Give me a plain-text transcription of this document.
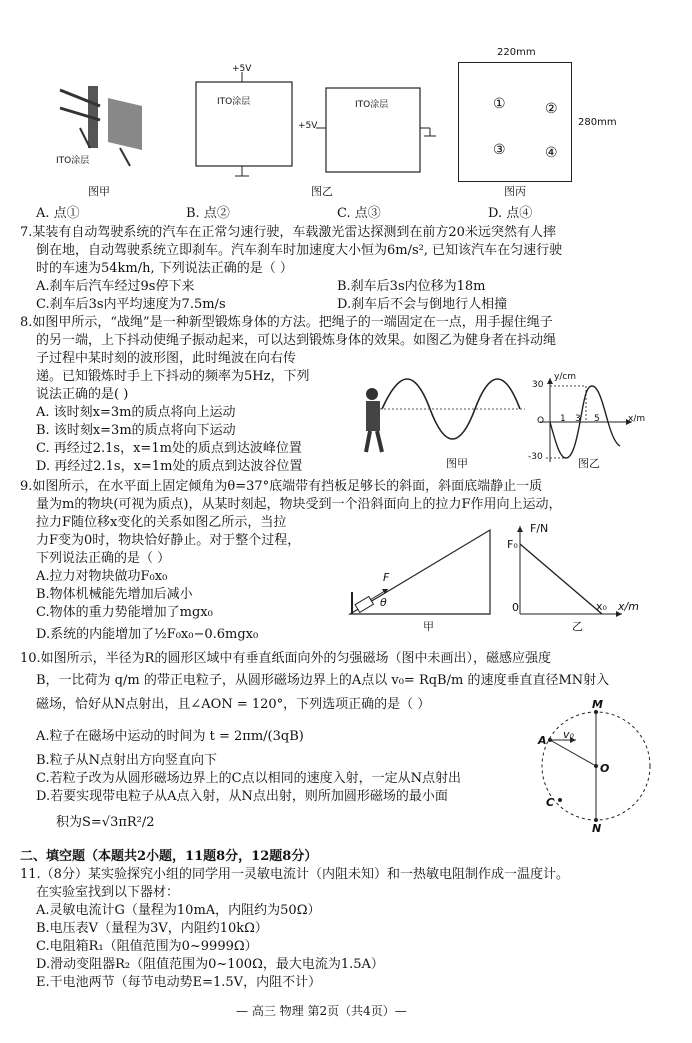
ITO涂层
图甲
+5V
ITO涂层
+5V
ITO涂层
图乙
220mm
280mm
①	②
③	④
图丙
A. 点①	B. 点②	C. 点③	D. 点④
7.某装有自动驾驶系统的汽车在正常匀速行驶，车载激光雷达探测到在前方20米远突然有人摔
倒在地，自动驾驶系统立即刹车。汽车刹车时加速度大小恒为6m/s², 已知该汽车在匀速行驶
时的车速为54km/h, 下列说法正确的是（ ）
A.刹车后汽车经过9s停下来	B.刹车后3s内位移为18m
C.刹车后3s内平均速度为7.5m/s	D.刹车后不会与倒地行人相撞
8.如图甲所示，“战绳”是一种新型锻炼身体的方法。把绳子的一端固定在一点，用手握住绳子
的另一端，上下抖动使绳子振动起来，可以达到锻炼身体的效果。如图乙为健身者在抖动绳
子过程中某时刻的波形图，此时绳波在向右传
递。已知锻炼时手上下抖动的频率为5Hz，下列
说法正确的是( )
A. 该时刻x=3m的质点将向上运动
B. 该时刻x=3m的质点将向下运动
C. 再经过2.1s，x=1m处的质点到达波峰位置
D. 再经过2.1s，x=1m处的质点到达波谷位置
y/cm
30
-30
O 1 3 5	x/m
图甲	图乙
9.如图所示，在水平面上固定倾角为θ=37°底端带有挡板足够长的斜面，斜面底端静止一质
量为m的物块(可视为质点)，从某时刻起，物块受到一个沿斜面向上的拉力F作用向上运动，
拉力F随位移x变化的关系如图乙所示，当拉
力F变为0时，物块恰好静止。对于整个过程，
下列说法正确的是（ ）
A.拉力对物块做功F₀x₀
B.物体机械能先增加后减小
C.物体的重力势能增加了mgx₀
D.系统的内能增加了½F₀x₀−0.6mgx₀
F
θ
甲
F/N
F₀
0	x₀ x/m
乙
10.如图所示，半径为R的圆形区域中有垂直纸面向外的匀强磁场（图中未画出），磁感应强度
B，一比荷为 q/m 的带正电粒子，从圆形磁场边界上的A点以 v₀= RqB/m 的速度垂直直径MN射入
磁场，恰好从N点射出，且∠AON = 120°，下列选项正确的是（ ）
A.粒子在磁场中运动的时间为 t = 2πm/(3qB)
B.粒子从N点射出方向竖直向下
C.若粒子改为从圆形磁场边界上的C点以相同的速度入射，一定从N点射出
D.若要实现带电粒子从A点入射，从N点出射，则所加圆形磁场的最小面
积为S=√3πR²/2
M
A v₀
O
C
N
二、填空题（本题共2小题，11题8分，12题8分）
11.（8分）某实验探究小组的同学用一灵敏电流计（内阻未知）和一热敏电阻制作成一温度计。
在实验室找到以下器材：
A.灵敏电流计G（量程为10mA，内阻约为50Ω）
B.电压表V（量程为3V，内阻约10kΩ）
C.电阻箱R₁（阻值范围为0~9999Ω）
D.滑动变阻器R₂（阻值范围为0~100Ω，最大电流为1.5A）
E.干电池两节（每节电动势E=1.5V，内阻不计）
— 高三 物理 第2页（共4页）—
